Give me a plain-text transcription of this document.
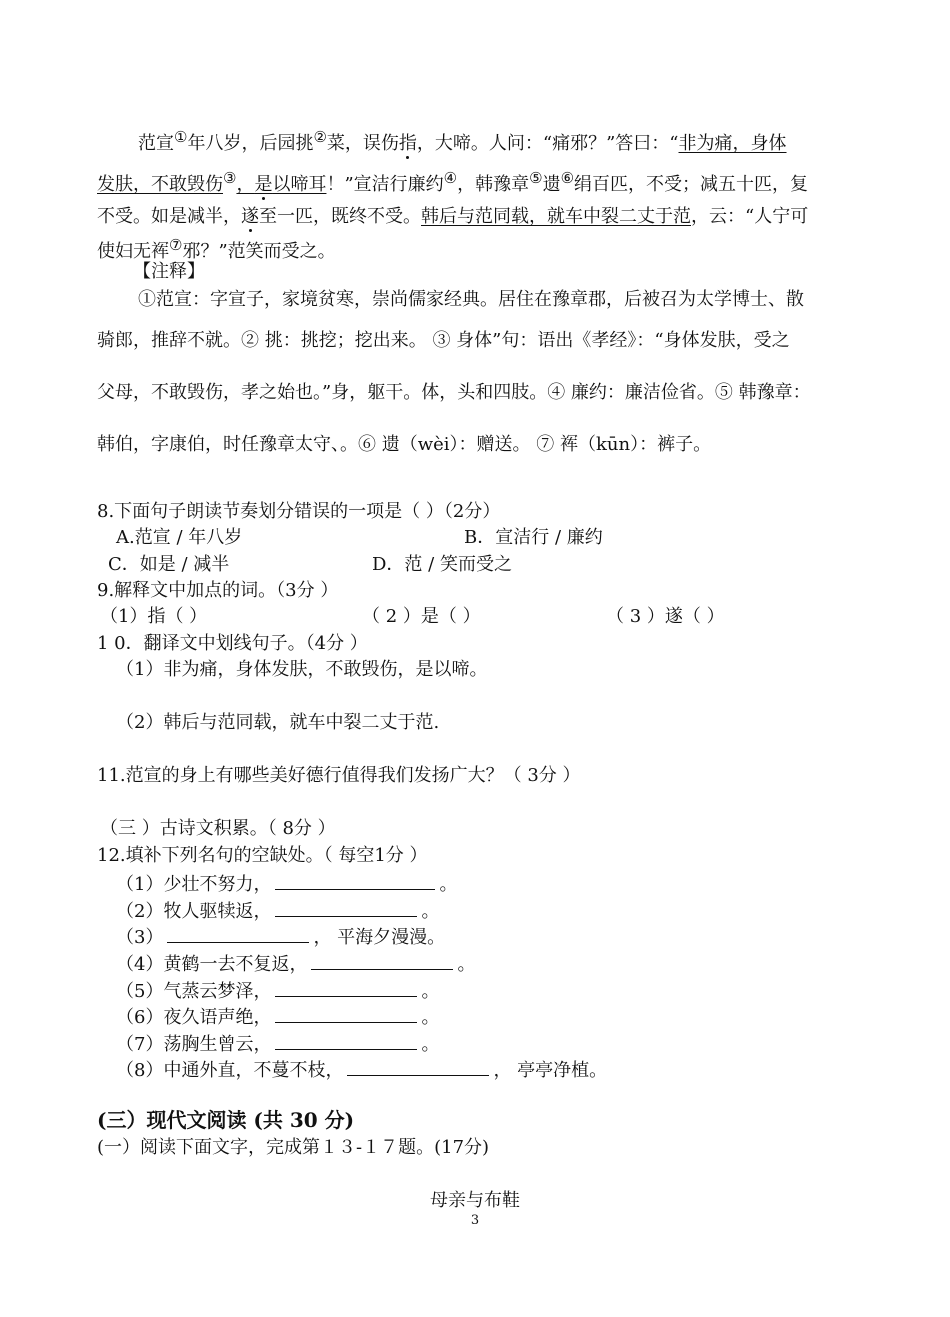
范宣①年八岁，后园挑②菜，误伤指，大啼。人问：“痛邪？”答曰：“非为痛，身体
发肤，不敢毁伤③，是以啼耳！”宣洁行廉约④，韩豫章⑤遗⑥绢百匹，不受；减五十匹，复
不受。如是减半，遂至一匹，既终不受。韩后与范同载，就车中裂二丈于范，云：“人宁可
使妇无裈⑦邪？”范笑而受之。
【注释】
①范宣：字宣子，家境贫寒，崇尚儒家经典。居住在豫章郡，后被召为太学博士、散
骑郎，推辞不就。② 挑：挑挖；挖出来。 ③ 身体”句：语出《孝经》：“身体发肤，受之
父母，不敢毁伤，孝之始也。”身，躯干。体，头和四肢。④ 廉约：廉洁俭省。⑤ 韩豫章：
韩伯，字康伯，时任豫章太守、。⑥ 遗（wèi）：赠送。 ⑦ 裈（kūn）：裤子。
8.下面句子朗读节奏划分错误的一项是（ ）（2分）
A.范宣 / 年八岁	B．宣洁行 / 廉约
C．如是 / 减半	D．范 / 笑而受之
9.解释文中加点的词。（3分 ）
（1）指（ ）	（ 2 ）是（ ）	（ 3 ）遂（ ）
1 0．翻译文中划线句子。（4分 ）
（1）非为痛，身体发肤，不敢毁伤，是以啼。
（2）韩后与范同载，就车中裂二丈于范.
11.范宣的身上有哪些美好德行值得我们发扬广大？（ 3分 ）
（三 ）古诗文积累。（ 8分 ）
12.填补下列名句的空缺处。（ 每空1分 ）
（1）少壮不努力，	。
（2）牧人驱犊返，	。
（3）	， 平海夕漫漫。
（4）黄鹤一去不复返，	。
（5）气蒸云梦泽，	。
（6）夜久语声绝，	。
（7）荡胸生曾云，	。
（8）中通外直，不蔓不枝，	， 亭亭净植。
(三）现代文阅读 (共 30 分)
(一）阅读下面文字，完成第１３-１７题。(17分)
母亲与布鞋
3
